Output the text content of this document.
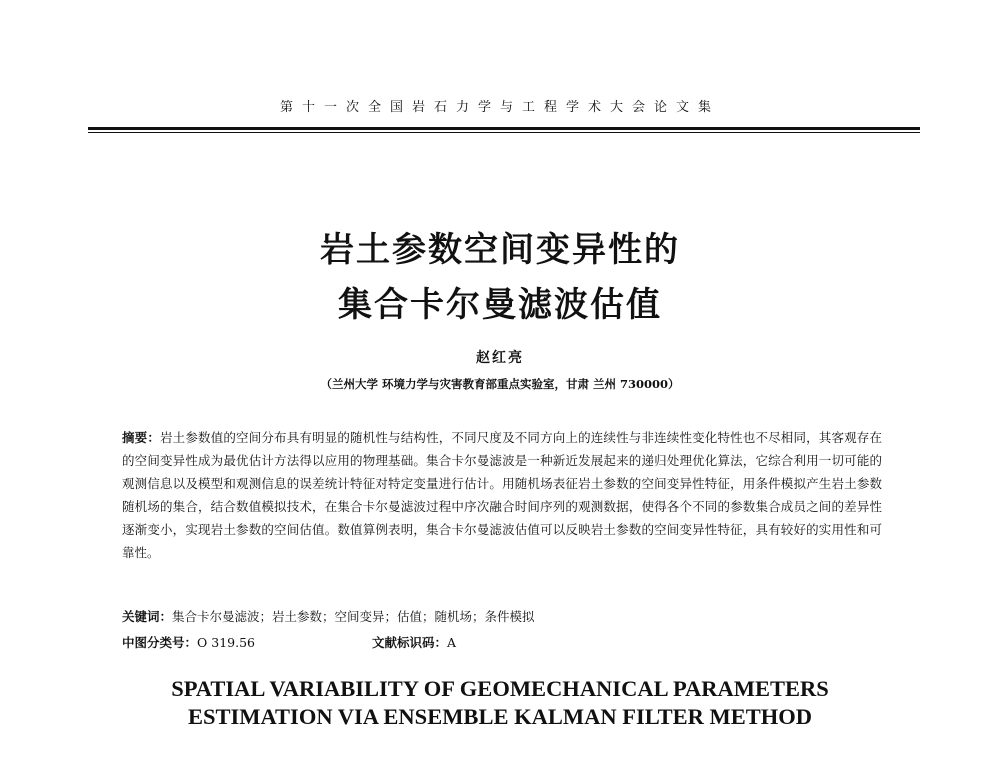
第十一次全国岩石力学与工程学术大会论文集
岩土参数空间变异性的
集合卡尔曼滤波估值
赵红亮
（兰州大学 环境力学与灾害教育部重点实验室，甘肃 兰州 730000）
摘要：岩土参数值的空间分布具有明显的随机性与结构性，不同尺度及不同方向上的连续性与非连续性变化特性也不尽相同，其客观存在的空间变异性成为最优估计方法得以应用的物理基础。集合卡尔曼滤波是一种新近发展起来的递归处理优化算法，它综合利用一切可能的观测信息以及模型和观测信息的误差统计特征对特定变量进行估计。用随机场表征岩土参数的空间变异性特征，用条件模拟产生岩土参数随机场的集合，结合数值模拟技术，在集合卡尔曼滤波过程中序次融合时间序列的观测数据，使得各个不同的参数集合成员之间的差异性逐渐变小，实现岩土参数的空间估值。数值算例表明，集合卡尔曼滤波估值可以反映岩土参数的空间变异性特征，具有较好的实用性和可靠性。
关键词：集合卡尔曼滤波；岩土参数；空间变异；估值；随机场；条件模拟
中图分类号：O 319.56	文献标识码：A
SPATIAL VARIABILITY OF GEOMECHANICAL PARAMETERS
ESTIMATION VIA ENSEMBLE KALMAN FILTER METHOD
